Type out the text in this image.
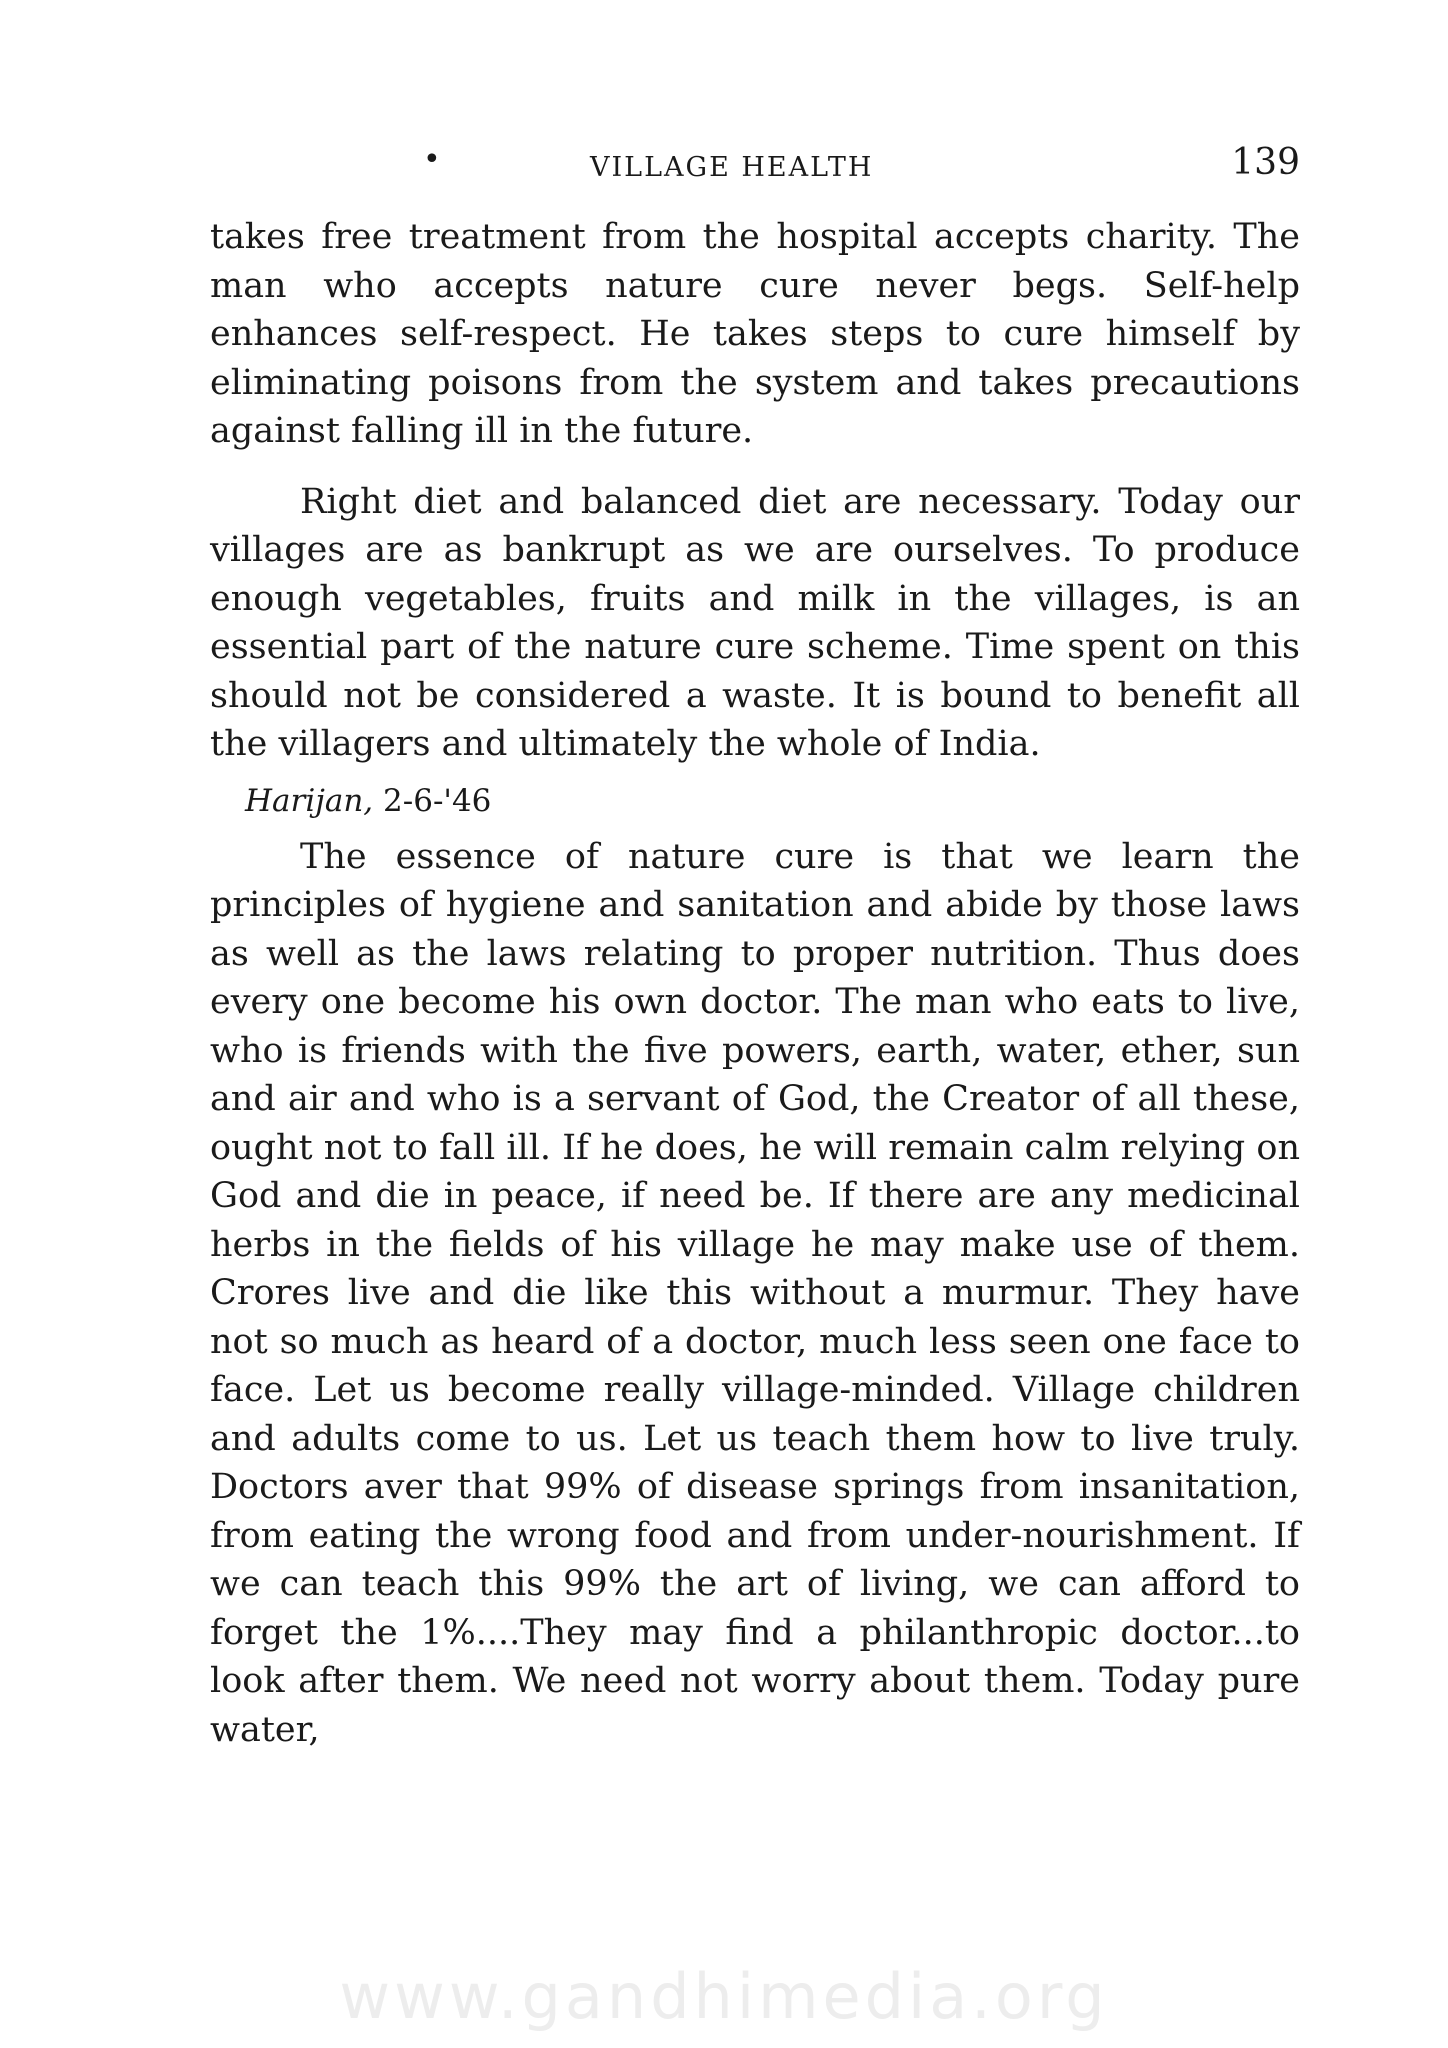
•	VILLAGE HEALTH	139

takes free treatment from the hospital accepts charity. The man who accepts nature cure never begs. Self-help enhances self-respect. He takes steps to cure himself by eliminating poisons from the system and takes precautions against falling ill in the future.

Right diet and balanced diet are necessary. Today our villages are as bankrupt as we are ourselves. To produce enough vegetables, fruits and milk in the villages, is an essential part of the nature cure scheme. Time spent on this should not be considered a waste. It is bound to benefit all the villagers and ultimately the whole of India.

Harijan, 2-6-'46

The essence of nature cure is that we learn the principles of hygiene and sanitation and abide by those laws as well as the laws relating to proper nutrition. Thus does every one become his own doctor. The man who eats to live, who is friends with the five powers, earth, water, ether, sun and air and who is a servant of God, the Creator of all these, ought not to fall ill. If he does, he will remain calm relying on God and die in peace, if need be. If there are any medicinal herbs in the fields of his village he may make use of them. Crores live and die like this without a murmur. They have not so much as heard of a doctor, much less seen one face to face. Let us become really village-minded. Village children and adults come to us. Let us teach them how to live truly. Doctors aver that 99% of disease springs from insanitation, from eating the wrong food and from under-nourishment. If we can teach this 99% the art of living, we can afford to forget the 1%....They may find a philanthropic doctor...to look after them. We need not worry about them. Today pure water,

www.gandhimedia.org
